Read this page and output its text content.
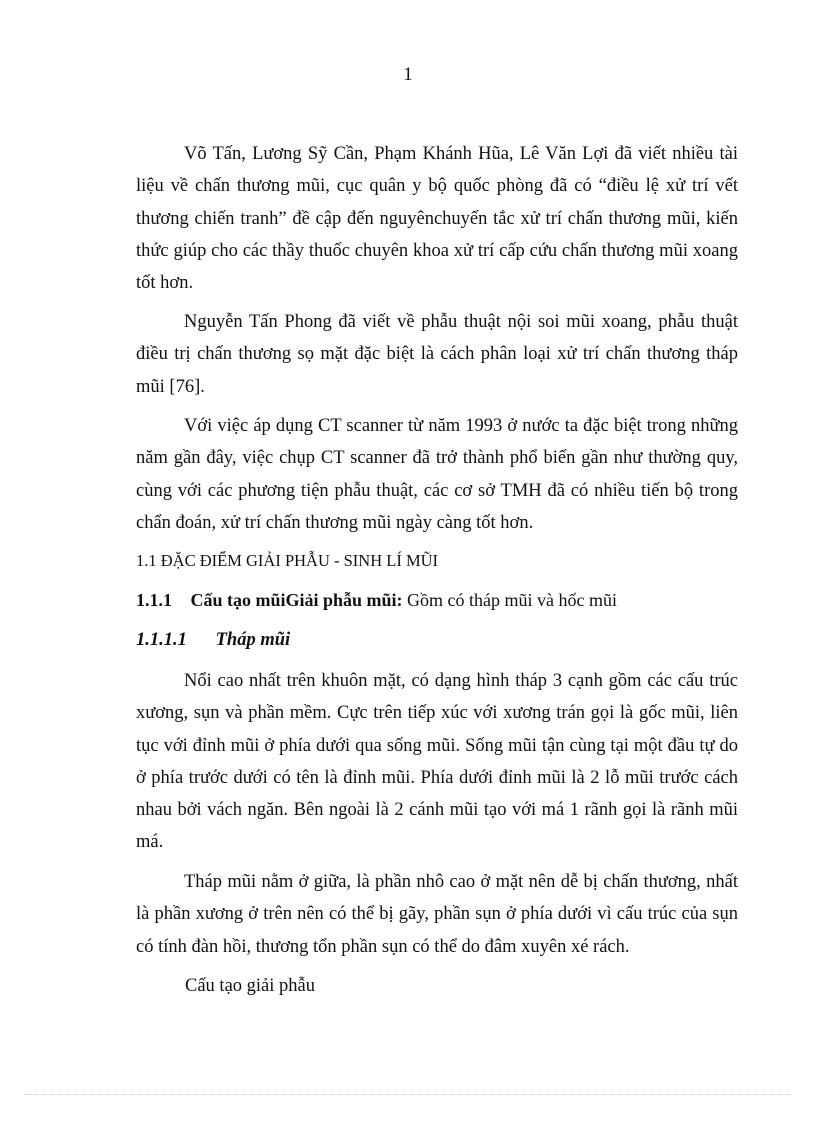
1

Võ Tấn, Lương Sỹ Cần, Phạm Khánh Hũa, Lê Văn Lợi đã viết nhiều tài liệu về chấn thương mũi, cục quân y bộ quốc phòng đã có “điều lệ xử trí vết thương chiến tranh” đề cập đến nguyênchuyến tắc xử trí chấn thương mũi, kiến thức giúp cho các thầy thuốc chuyên khoa xử trí cấp cứu chấn thương mũi xoang tốt hơn.

Nguyễn Tấn Phong đã viết về phẫu thuật nội soi mũi xoang, phẫu thuật điều trị chấn thương sọ mặt đặc biệt là cách phân loại xử trí chấn thương tháp mũi [76].

Với việc áp dụng CT scanner từ năm 1993 ở nước ta đặc biệt trong những năm gần đây, việc chụp CT scanner đã trở thành phổ biến gần như thường quy, cùng với các phương tiện phẫu thuật, các cơ sở TMH đã có nhiều tiến bộ trong chẩn đoán, xử trí chấn thương mũi ngày càng tốt hơn.

1.1 ĐẶC ĐIỂM GIẢI PHẪU - SINH LÍ MŨI
1.1.1 Cấu tạo mũiGiải phẫu mũi: Gồm có tháp mũi và hốc mũi
1.1.1.1 Tháp mũi

Nổi cao nhất trên khuôn mặt, có dạng hình tháp 3 cạnh gồm các cấu trúc xương, sụn và phần mềm. Cực trên tiếp xúc với xương trán gọi là gốc mũi, liên tục với đỉnh mũi ở phía dưới qua sống mũi. Sống mũi tận cùng tại một đầu tự do ở phía trước dưới có tên là đỉnh mũi. Phía dưới đỉnh mũi là 2 lỗ mũi trước cách nhau bởi vách ngăn. Bên ngoài là 2 cánh mũi tạo với má 1 rãnh gọi là rãnh mũi má.

Tháp mũi nằm ở giữa, là phần nhô cao ở mặt nên dễ bị chấn thương, nhất là phần xương ở trên nên có thể bị gãy, phần sụn ở phía dưới vì cấu trúc của sụn có tính đàn hồi, thương tổn phần sụn có thể do đâm xuyên xé rách.

Cấu tạo giải phẫu
